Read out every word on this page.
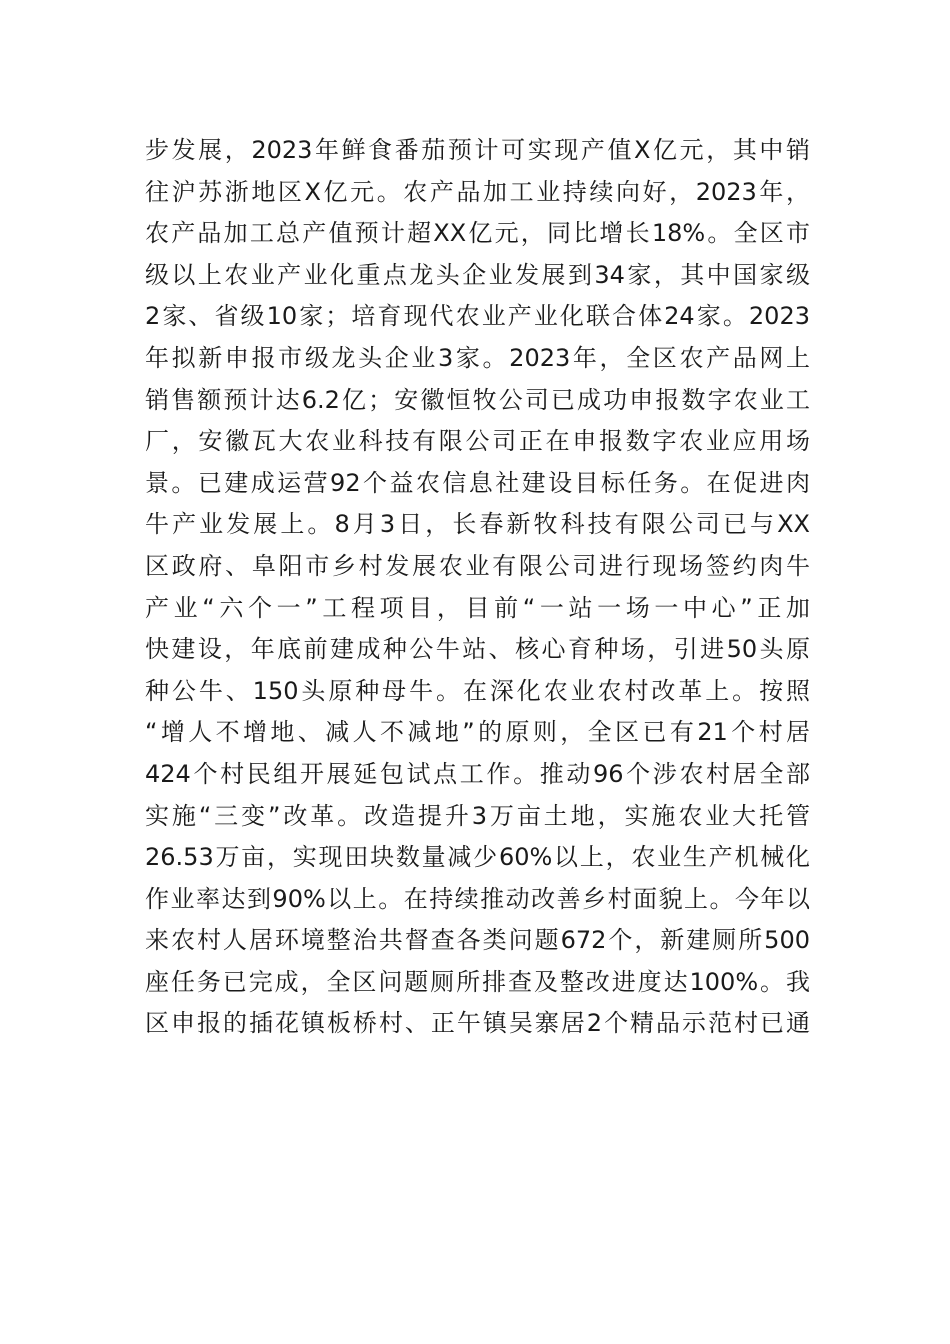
步发展，2023年鲜食番茄预计可实现产值X亿元，其中销
往沪苏浙地区X亿元。农产品加工业持续向好，2023年，
农产品加工总产值预计超XX亿元，同比增长18%。全区市
级以上农业产业化重点龙头企业发展到34家，其中国家级
2家、省级10家；培育现代农业产业化联合体24家。2023
年拟新申报市级龙头企业3家。2023年，全区农产品网上
销售额预计达6.2亿；安徽恒牧公司已成功申报数字农业工
厂，安徽瓦大农业科技有限公司正在申报数字农业应用场
景。已建成运营92个益农信息社建设目标任务。在促进肉
牛产业发展上。8月3日，长春新牧科技有限公司已与XX
区政府、阜阳市乡村发展农业有限公司进行现场签约肉牛
产业“六个一”工程项目，目前“一站一场一中心”正加
快建设，年底前建成种公牛站、核心育种场，引进50头原
种公牛、150头原种母牛。在深化农业农村改革上。按照
“增人不增地、减人不减地”的原则，全区已有21个村居
424个村民组开展延包试点工作。推动96个涉农村居全部
实施“三变”改革。改造提升3万亩土地，实施农业大托管
26.53万亩，实现田块数量减少60%以上，农业生产机械化
作业率达到90%以上。在持续推动改善乡村面貌上。今年以
来农村人居环境整治共督查各类问题672个，新建厕所500
座任务已完成，全区问题厕所排查及整改进度达100%。我
区申报的插花镇板桥村、正午镇吴寨居2个精品示范村已通
